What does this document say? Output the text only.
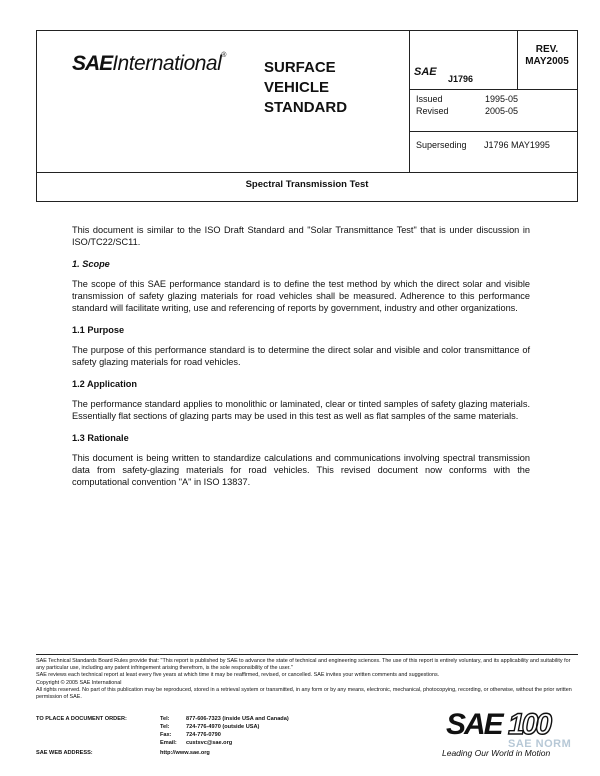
SAEInternational®
SURFACE
VEHICLE
STANDARD
SAE
J1796
REV.
MAY2005
Issued	1995-05
Revised	2005-05
Superseding J1796 MAY1995
Spectral Transmission Test
This document is similar to the ISO Draft Standard and "Solar Transmittance Test" that is under discussion in ISO/TC22/SC11.
1. Scope
The scope of this SAE performance standard is to define the test method by which the direct solar and visible transmission of safety glazing materials for road vehicles shall be measured. Adherence to this performance standard will facilitate writing, use and referencing of reports by government, industry and other organizations.
1.1 Purpose
The purpose of this performance standard is to determine the direct solar and visible and color transmittance of safety glazing materials for road vehicles.
1.2 Application
The performance standard applies to monolithic or laminated, clear or tinted samples of safety glazing materials. Essentially flat sections of glazing parts may be used in this test as well as flat samples of the same materials.
1.3 Rationale
This document is being written to standardize calculations and communications involving spectral transmission data from safety-glazing materials for road vehicles. This revised document now conforms with the computational convention "A" in ISO 13837.
SAE Technical Standards Board Rules provide that: "This report is published by SAE to advance the state of technical and engineering sciences. The use of this report is entirely voluntary, and its applicability and suitability for any particular use, including any patent infringement arising therefrom, is the sole responsibility of the user."
SAE reviews each technical report at least every five years at which time it may be reaffirmed, revised, or cancelled. SAE invites your written comments and suggestions.
Copyright © 2005 SAE International
All rights reserved. No part of this publication may be reproduced, stored in a retrieval system or transmitted, in any form or by any means, electronic, mechanical, photocopying, recording, or otherwise, without the prior written permission of SAE.
TO PLACE A DOCUMENT ORDER:	Tel:	877-606-7323 (inside USA and Canada)
Tel:	724-776-4970 (outside USA)
Fax:	724-776-0790
Email: custsvc@sae.org
SAE WEB ADDRESS:	http://www.sae.org
SAE 100
Leading Our World in Motion
SAE NORM
